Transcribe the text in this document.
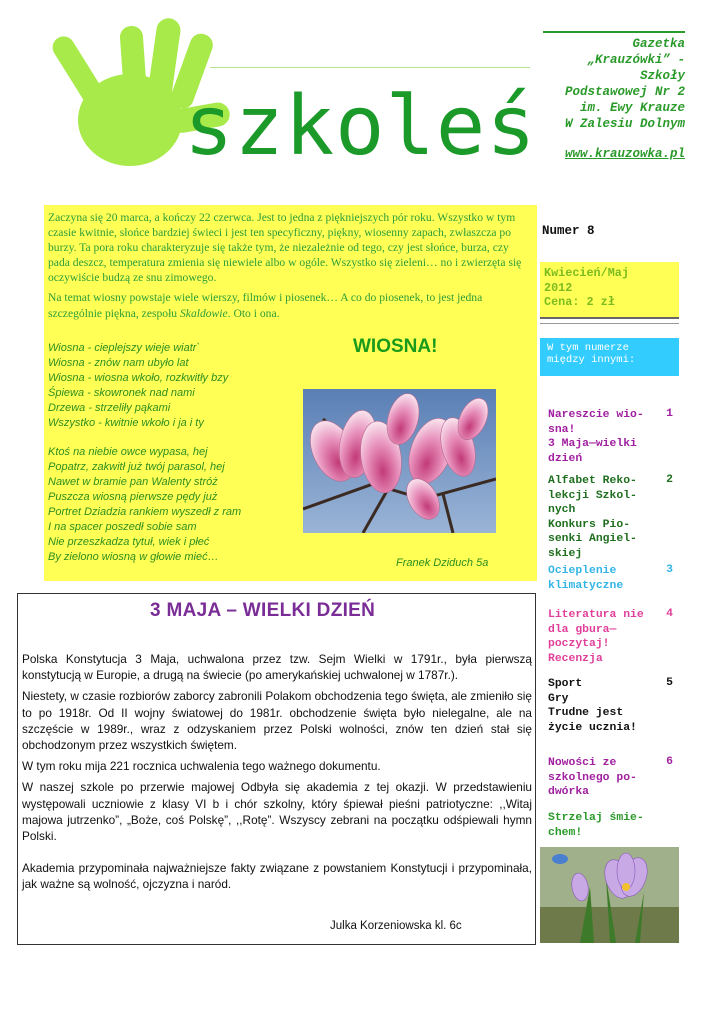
szkoleś
Gazetka
„Krauzówki” -
Szkoły
Podstawowej Nr 2
im. Ewy Krauze
W Zalesiu Dolnym
www.krauzowka.pl

Zaczyna się 20 marca, a kończy 22 czerwca. Jest to jedna z piękniejszych pór roku. Wszystko w tym czasie kwitnie, słońce bardziej świeci i jest ten specyficzny, piękny, wiosenny zapach, zwłaszcza po burzy. Ta pora roku charakteryzuje się także tym, że niezależnie od tego, czy jest słońce, burza, czy pada deszcz, temperatura zmienia się niewiele albo w ogóle. Wszystko się zieleni… no i zwierzęta się oczywiście budzą ze snu zimowego.

Na temat wiosny powstaje wiele wierszy, filmów i piosenek… A co do piosenek, to jest jedna szczególnie piękna, zespołu Skaldowie. Oto i ona.

WIOSNA!
Wiosna - cieplejszy wieje wiatr`
Wiosna - znów nam ubyło lat
Wiosna - wiosna wkoło, rozkwitły bzy
Śpiewa - skowronek nad nami
Drzewa - strzeliły pąkami
Wszystko - kwitnie wkoło i ja i ty
Ktoś na niebie owce wypasa, hej
Popatrz, zakwitł już twój parasol, hej
Nawet w bramie pan Walenty stróż
Puszcza wiosną pierwsze pędy już
Portret Dziadzia rankiem wyszedł z ram
I na spacer poszedł sobie sam
Nie przeszkadza tytuł, wiek i płeć
By zielono wiosną w głowie mieć…	Franek Dziduch 5a
3 MAJA – WIELKI DZIEŃ

Polska Konstytucja 3 Maja, uchwalona przez tzw. Sejm Wielki w 1791r., była pierwszą konstytucją w Europie, a drugą na świecie (po amerykańskiej uchwalonej w 1787r.).

Niestety, w czasie rozbiorów zaborcy zabronili Polakom obchodzenia tego święta, ale zmieniło się to po 1918r. Od II wojny światowej do 1981r. obchodzenie święta było nielegalne, ale na szczęście w 1989r., wraz z odzyskaniem przez Polski wolności, znów ten dzień stał się obchodzonym przez wszystkich świętem.

W tym roku mija 221 rocznica uchwalenia tego ważnego dokumentu.

W naszej szkole po przerwie majowej Odbyła się akademia z tej okazji. W przedstawieniu występowali uczniowie z klasy VI b i chór szkolny, który śpiewał pieśni patriotyczne: ,,Witaj majowa jutrzenko”, „Boże, coś Polskę”, ,,Rotę”. Wszyscy zebrani na początku odśpiewali hymn Polski.

Akademia przypominała najważniejsze fakty związane z powstaniem Konstytucji i przypominała, jak ważne są wolność, ojczyzna i naród.

Julka Korzeniowska kl. 6c
Numer 8
Kwiecień/Maj
2012
Cena: 2 zł
W tym numerze
między innymi:
Nareszcie wio-
sna!
3 Maja—wielki
dzień
1
Alfabet Reko-
lekcji Szkol-
nych
Konkurs Pio-
senki Angiel-
skiej
2
Ocieplenie
klimatyczne
3
Literatura nie
dla gbura—
poczytaj!
Recenzja
4
Sport
Gry
Trudne jest
życie ucznia!
5
Nowości ze
szkolnego po-
dwórka
6
Strzelaj śmie-
chem!
